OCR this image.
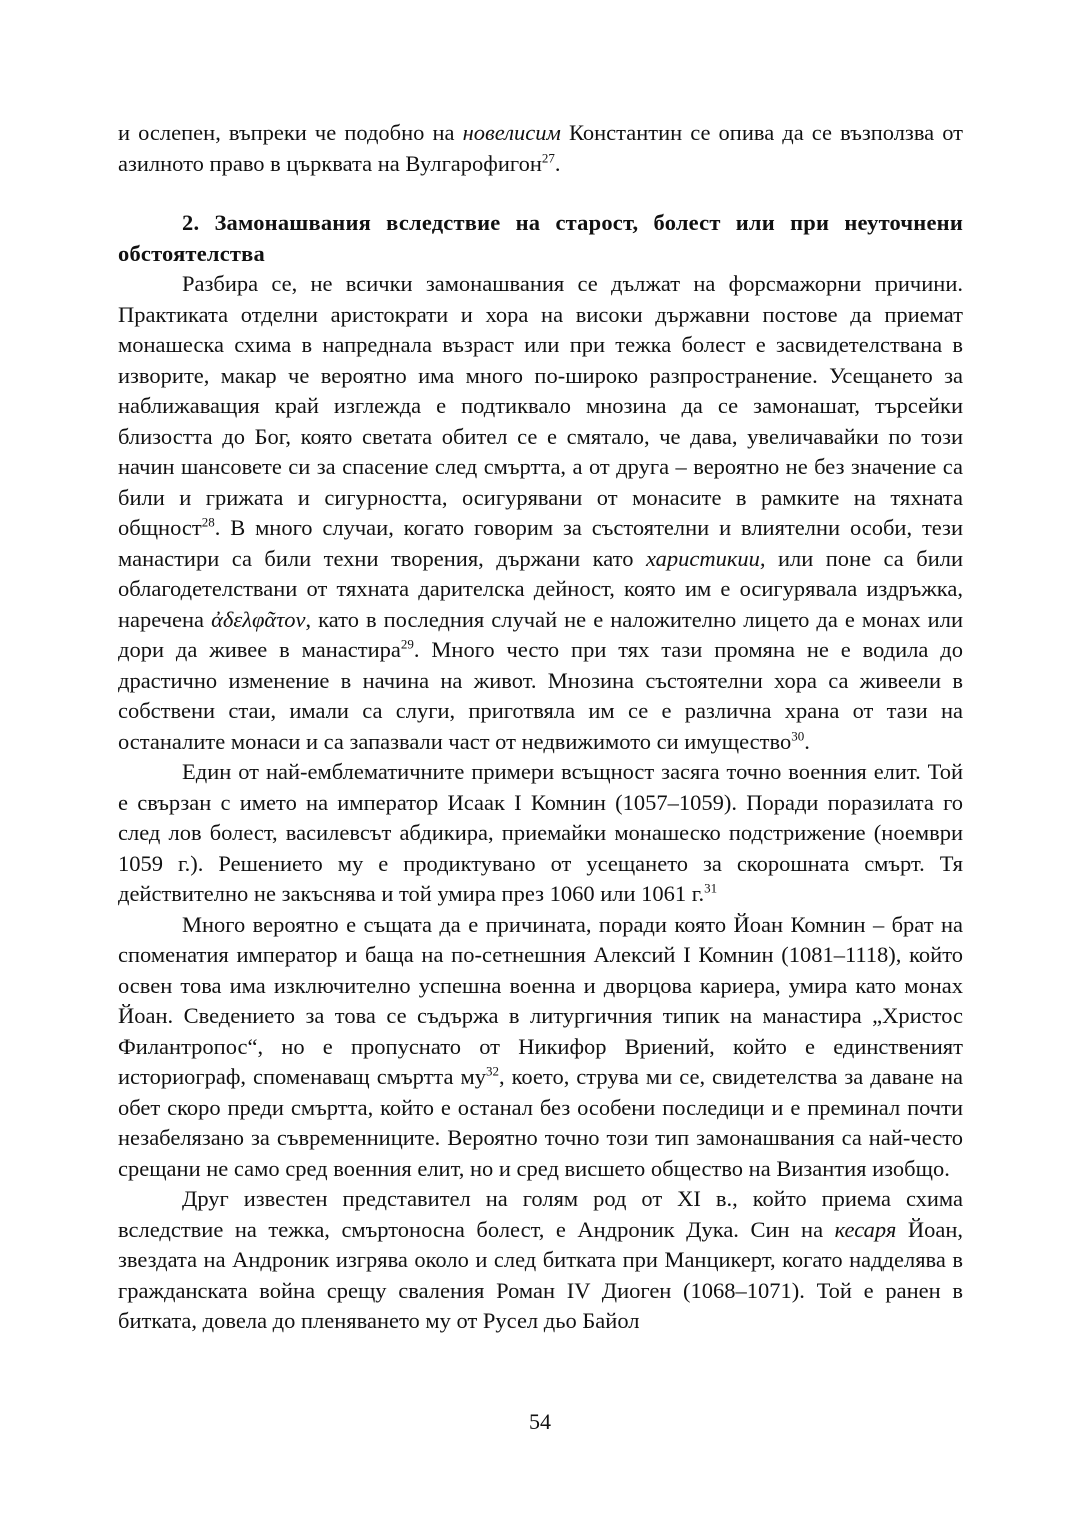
и ослепен, въпреки че подобно на новелисим Константин се опива да се възползва от азилното право в църквата на Вулгарофигон$^{27}$.

2. Замонашвания вследствие на старост, болест или при неуточнени обстоятелства

Разбира се, не всички замонашвания се дължат на форсмажорни причини. Практиката отделни аристократи и хора на високи държавни постове да приемат монашеска схима в напреднала възраст или при тежка болест е засвидетелствана в изворите, макар че вероятно има много по-широко разпространение. Усещането за наближаващия край изглежда е подтиквало мнозина да се замонашат, търсейки близостта до Бог, която светата обител се е смятало, че дава, увеличавайки по този начин шансовете си за спасение след смъртта, а от друга – вероятно не без значение са били и грижата и сигурността, осигурявани от монасите в рамките на тяхната общност$^{28}$. В много случаи, когато говорим за състоятелни и влиятелни особи, тези манастири са били техни творения, държани като харистикии, или поне са били облагодетелствани от тяхната дарителска дейност, която им е осигурявала издръжка, наречена ἀδελφᾶτον, като в последния случай не е наложително лицето да е монах или дори да живее в манастира$^{29}$. Много често при тях тази промяна не е водила до драстично изменение в начина на живот. Мнозина състоятелни хора са живеели в собствени стаи, имали са слуги, приготвяла им се е различна храна от тази на останалите монаси и са запазвали част от недвижимото си имущество$^{30}$.

Един от най-емблематичните примери всъщност засяга точно военния елит. Той е свързан с името на император Исаак I Комнин (1057–1059). Поради поразилата го след лов болест, василевсът абдикира, приемайки монашеско подстрижение (ноември 1059 г.). Решението му е продиктувано от усещането за скорошната смърт. Тя действително не закъснява и той умира през 1060 или 1061 г.$^{31}$

Много вероятно е същата да е причината, поради която Йоан Комнин – брат на споменатия император и баща на по-сетнешния Алексий I Комнин (1081–1118), който освен това има изключително успешна военна и дворцова кариера, умира като монах Йоан. Сведението за това се съдържа в литургичния типик на манастира „Христос Филантропос“, но е пропуснато от Никифор Вриений, който е единственият историограф, споменаващ смъртта $му^{32}$, което, струва ми се, свидетелства за даване на обет скоро преди смъртта, който е останал без особени последици и е преминал почти незабелязано за съвременниците. Вероятно точно този тип замонашвания са най-често срещани не само сред военния елит, но и сред висшето общество на Византия изобщо.

Друг известен представител на голям род от XI в., който приема схима вследствие на тежка, смъртоносна болест, е Андроник Дука. Син на кесаря Йоан, звездата на Андроник изгрява около и след битката при Манцикерт, когато надделява в гражданската война срещу сваления Роман IV Диоген (1068–1071). Той е ранен в битката, довела до пленяването му от Русел дьо Байол

54
